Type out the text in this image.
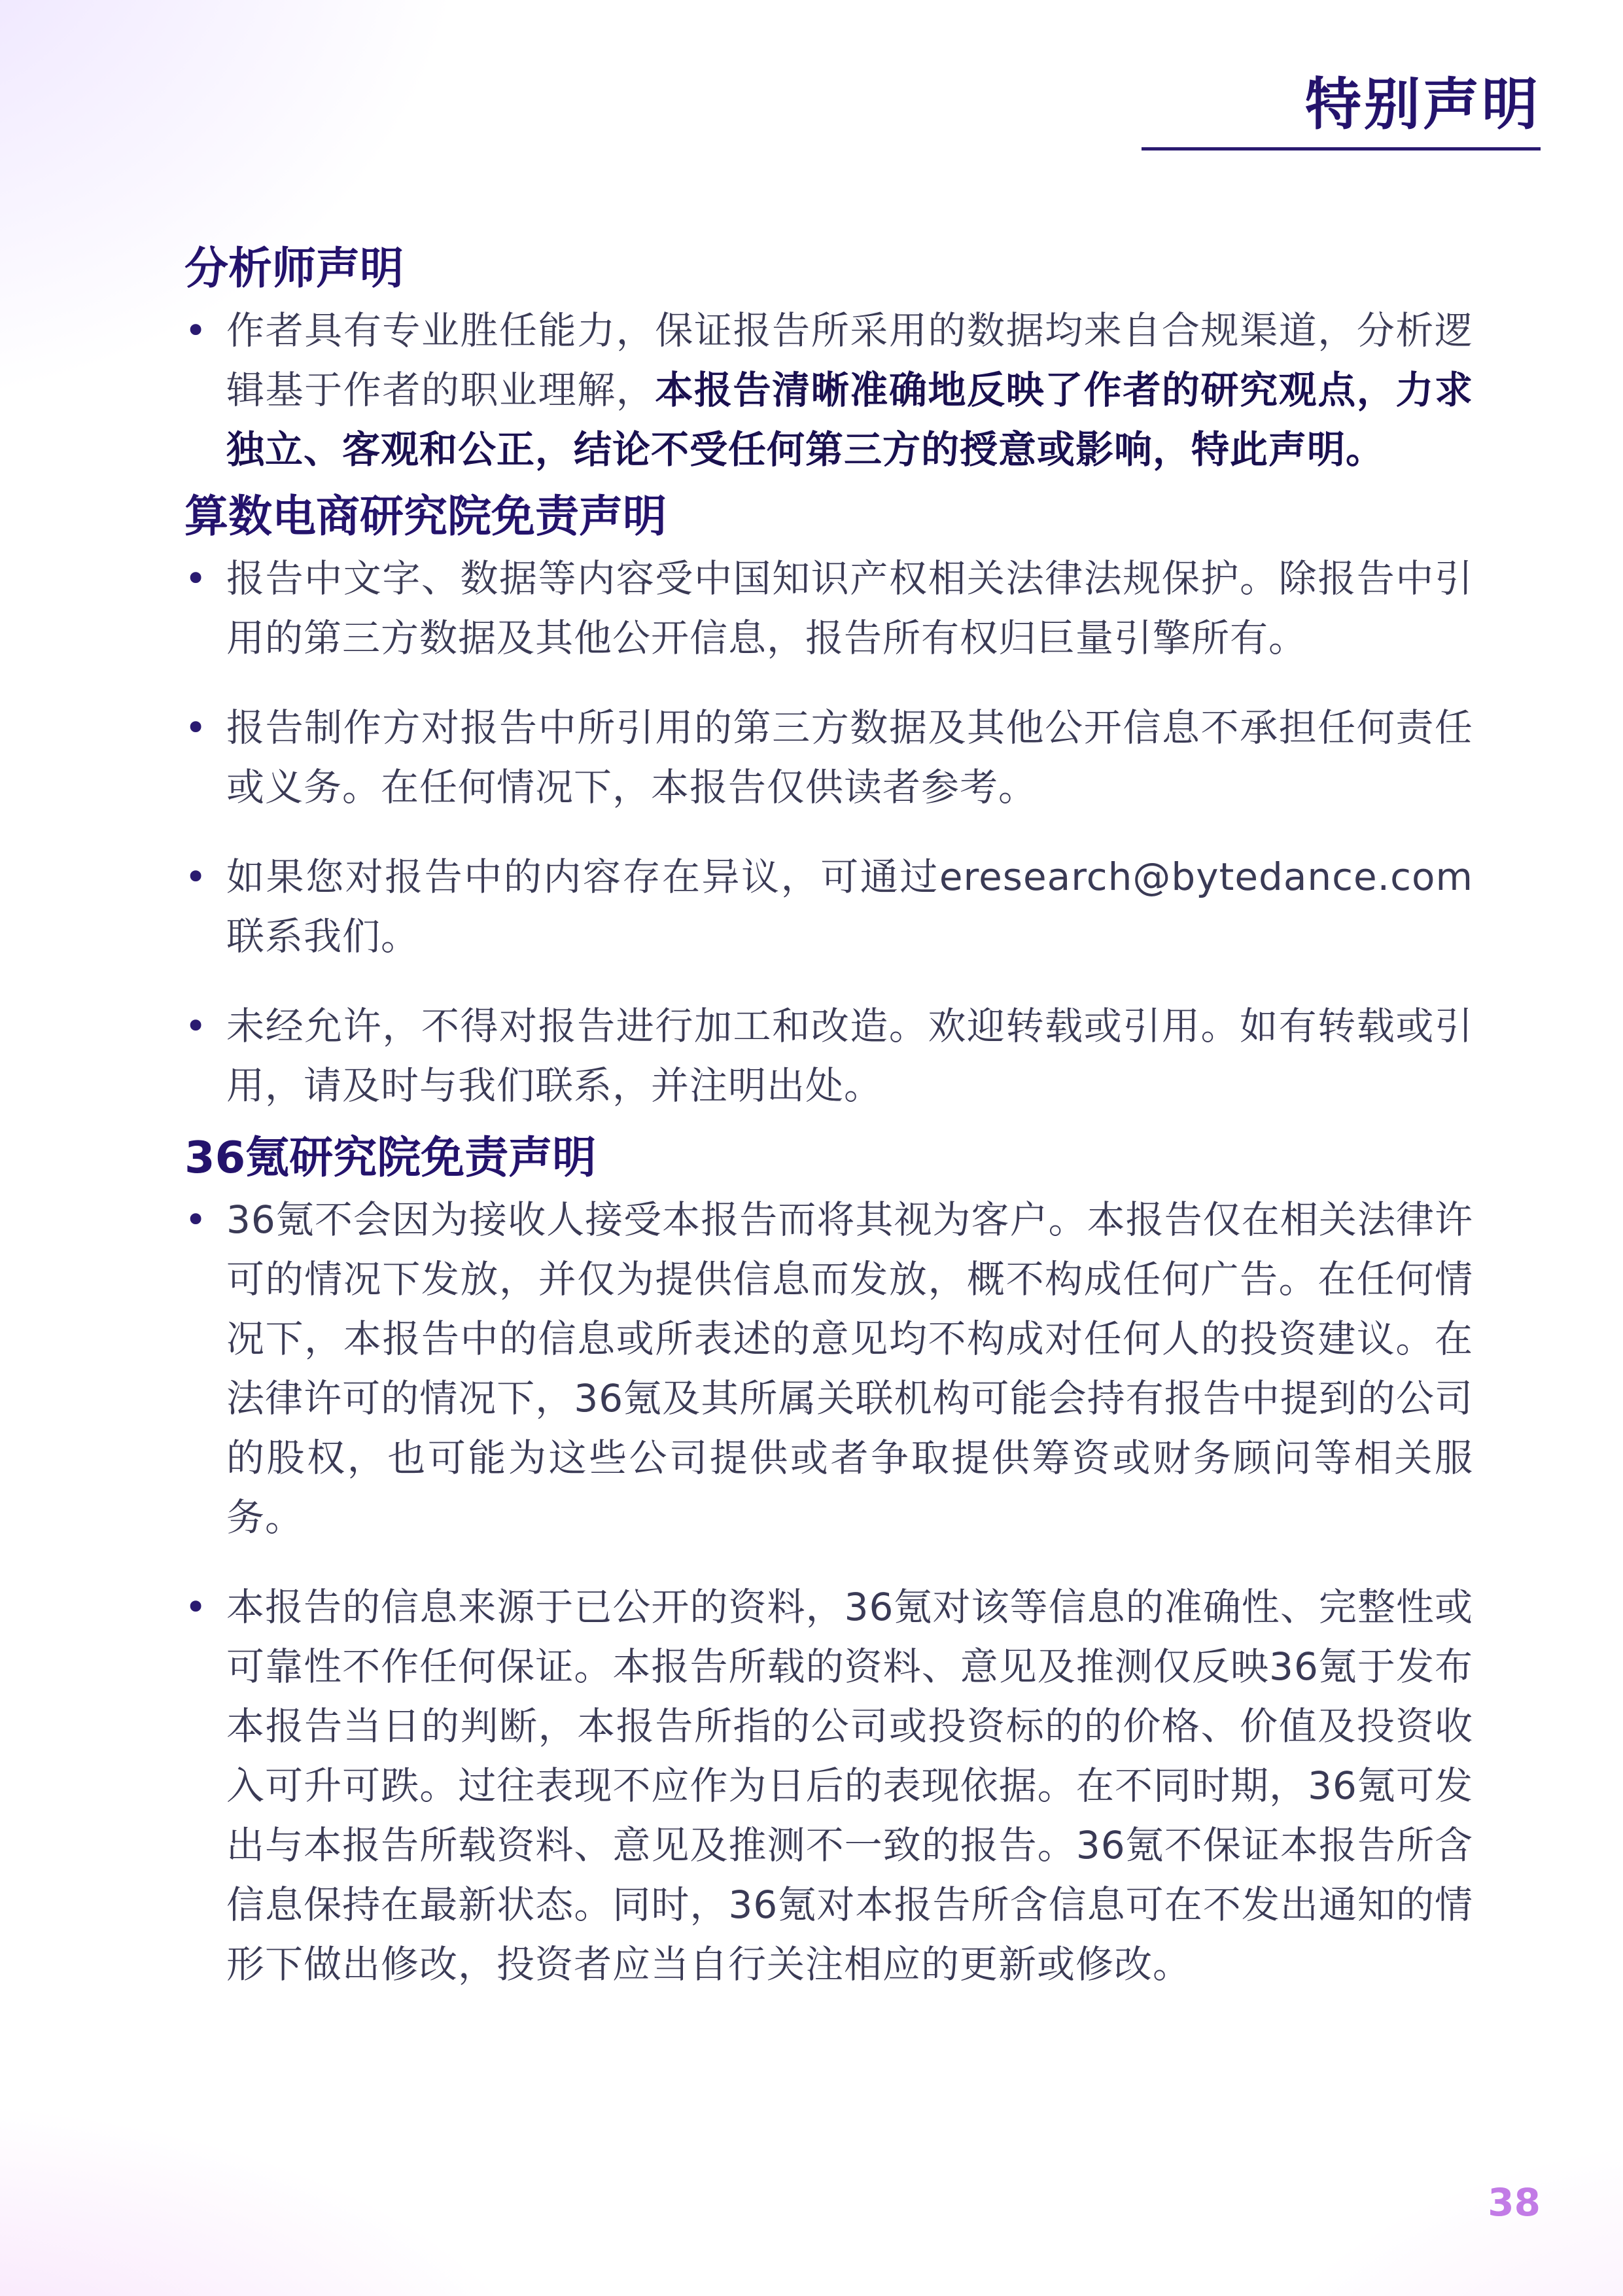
特别声明
分析师声明
• 作者具有专业胜任能力，保证报告所采用的数据均来自合规渠道，分析逻辑基于作者的职业理解，本报告清晰准确地反映了作者的研究观点，力求独立、客观和公正，结论不受任何第三方的授意或影响，特此声明。
算数电商研究院免责声明
• 报告中文字、数据等内容受中国知识产权相关法律法规保护。除报告中引用的第三方数据及其他公开信息，报告所有权归巨量引擎所有。
• 报告制作方对报告中所引用的第三方数据及其他公开信息不承担任何责任或义务。在任何情况下，本报告仅供读者参考。
• 如果您对报告中的内容存在异议，可通过eresearch@bytedance.com联系我们。
• 未经允许，不得对报告进行加工和改造。欢迎转载或引用。如有转载或引用，请及时与我们联系，并注明出处。
36氪研究院免责声明
• 36氪不会因为接收人接受本报告而将其视为客户。本报告仅在相关法律许可的情况下发放，并仅为提供信息而发放，概不构成任何广告。在任何情况下，本报告中的信息或所表述的意见均不构成对任何人的投资建议。在法律许可的情况下，36氪及其所属关联机构可能会持有报告中提到的公司的股权，也可能为这些公司提供或者争取提供筹资或财务顾问等相关服务。
• 本报告的信息来源于已公开的资料，36氪对该等信息的准确性、完整性或可靠性不作任何保证。本报告所载的资料、意见及推测仅反映36氪于发布本报告当日的判断，本报告所指的公司或投资标的的价格、价值及投资收入可升可跌。过往表现不应作为日后的表现依据。在不同时期，36氪可发出与本报告所载资料、意见及推测不一致的报告。36氪不保证本报告所含信息保持在最新状态。同时，36氪对本报告所含信息可在不发出通知的情形下做出修改，投资者应当自行关注相应的更新或修改。
38
